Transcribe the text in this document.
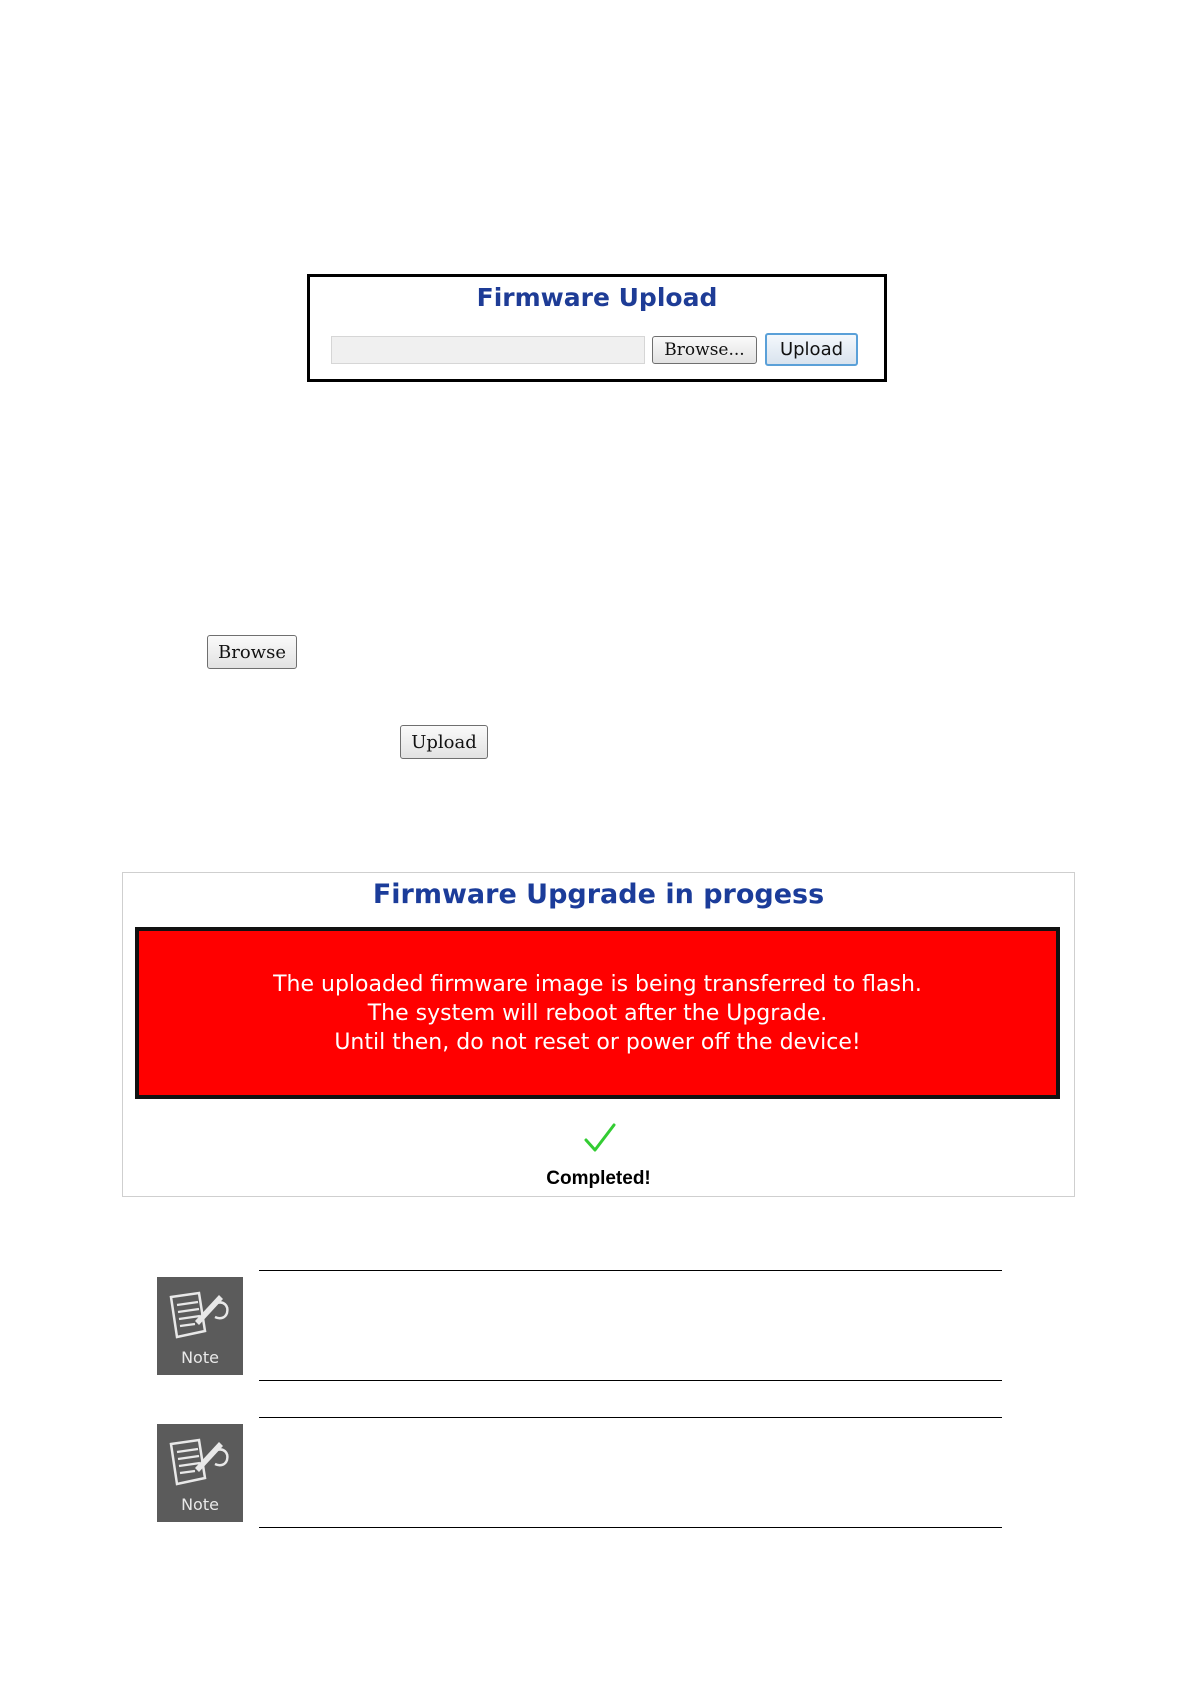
Firmware Upload
Browse...	Upload
Browse
Upload
Firmware Upgrade in progess
The uploaded firmware image is being transferred to flash.
The system will reboot after the Upgrade.
Until then, do not reset or power off the device!
Completed!
Note
Note
